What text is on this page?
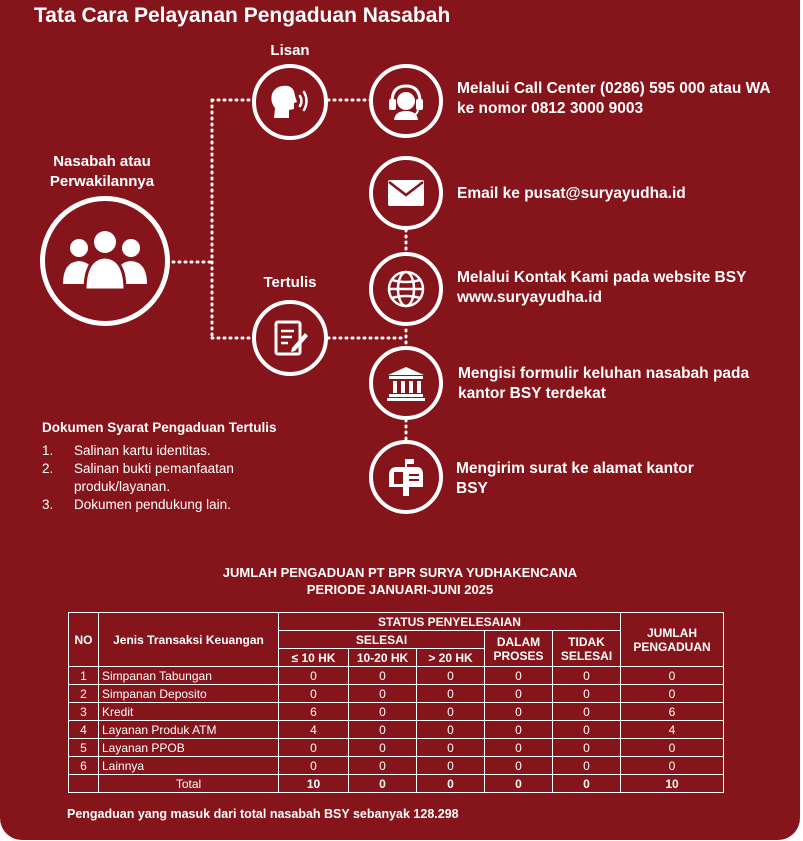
Tata Cara Pelayanan Pengaduan Nasabah
Nasabah atau Perwakilannya
Lisan
Tertulis
Melalui Call Center (0286) 595 000 atau WA ke nomor 0812 3000 9003
Email ke pusat@suryayudha.id
Melalui Kontak Kami pada website BSY www.suryayudha.id
Mengisi formulir keluhan nasabah pada kantor BSY terdekat
Mengirim surat ke alamat kantor BSY
Dokumen Syarat Pengaduan Tertulis
1.	Salinan kartu identitas.
2.	Salinan bukti pemanfaatan produk/layanan.
3.	Dokumen pendukung lain.
JUMLAH PENGADUAN PT BPR SURYA YUDHAKENCANA
PERIODE JANUARI-JUNI 2025
NO	Jenis Transaksi Keuangan	STATUS PENYELESAIAN					JUMLAH PENGADUAN
		SELESAI			DALAM PROSES	TIDAK SELESAI	
		≤ 10 HK	10-20 HK	> 20 HK			
1	Simpanan Tabungan	0	0	0	0	0	0
2	Simpanan Deposito	0	0	0	0	0	0
3	Kredit	6	0	0	0	0	6
4	Layanan Produk ATM	4	0	0	0	0	4
5	Layanan PPOB	0	0	0	0	0	0
6	Lainnya	0	0	0	0	0	0
	Total	10	0	0	0	0	10
Pengaduan yang masuk dari total nasabah BSY sebanyak 128.298
